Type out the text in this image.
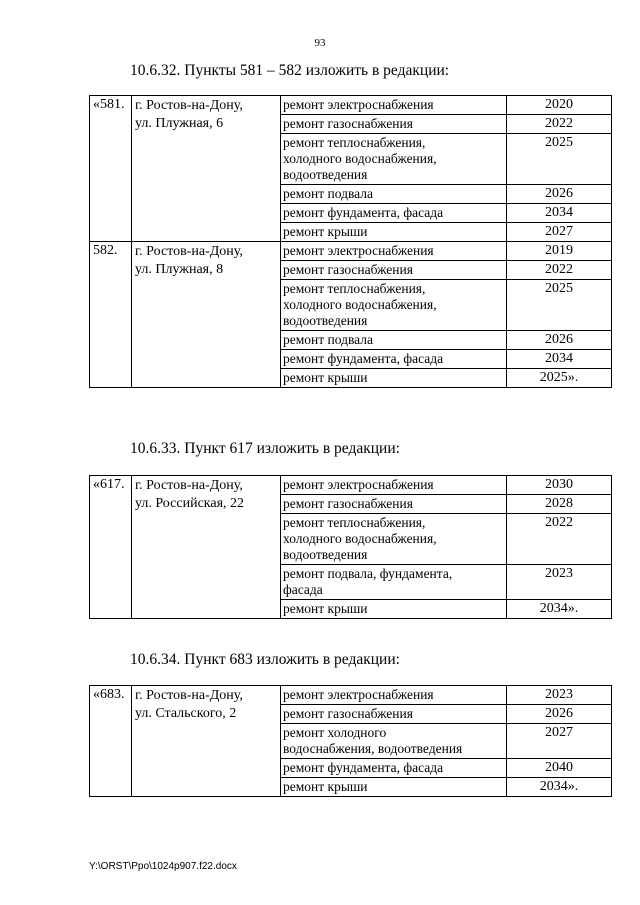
93
10.6.32. Пункты 581 – 582 изложить в редакции:
«581.	г. Ростов-на-Дону,
ул. Плужная, 6	ремонт электроснабжения	2020

		ремонт газоснабжения	2022

		ремонт теплоснабжения,
холодного водоснабжения,
водоотведения	2025

		ремонт подвала	2026

		ремонт фундамента, фасада	2034

		ремонт крыши	2027
582.	г. Ростов-на-Дону,
ул. Плужная, 8	ремонт электроснабжения	2019

		ремонт газоснабжения	2022

		ремонт теплоснабжения,
холодного водоснабжения,
водоотведения	2025

		ремонт подвала	2026

		ремонт фундамента, фасада	2034

		ремонт крыши	2025».
10.6.33. Пункт 617 изложить в редакции:
«617.	г. Ростов-на-Дону,
ул. Российская, 22	ремонт электроснабжения	2030

		ремонт газоснабжения	2028

		ремонт теплоснабжения,
холодного водоснабжения,
водоотведения	2022

		ремонт подвала, фундамента,
фасада	2023

		ремонт крыши	2034».
10.6.34. Пункт 683 изложить в редакции:
«683.	г. Ростов-на-Дону,
ул. Стальского, 2	ремонт электроснабжения	2023

		ремонт газоснабжения	2026

		ремонт холодного
водоснабжения, водоотведения	2027

		ремонт фундамента, фасада	2040

		ремонт крыши	2034».
Y:\ORST\Ppo\1024p907.f22.docx
